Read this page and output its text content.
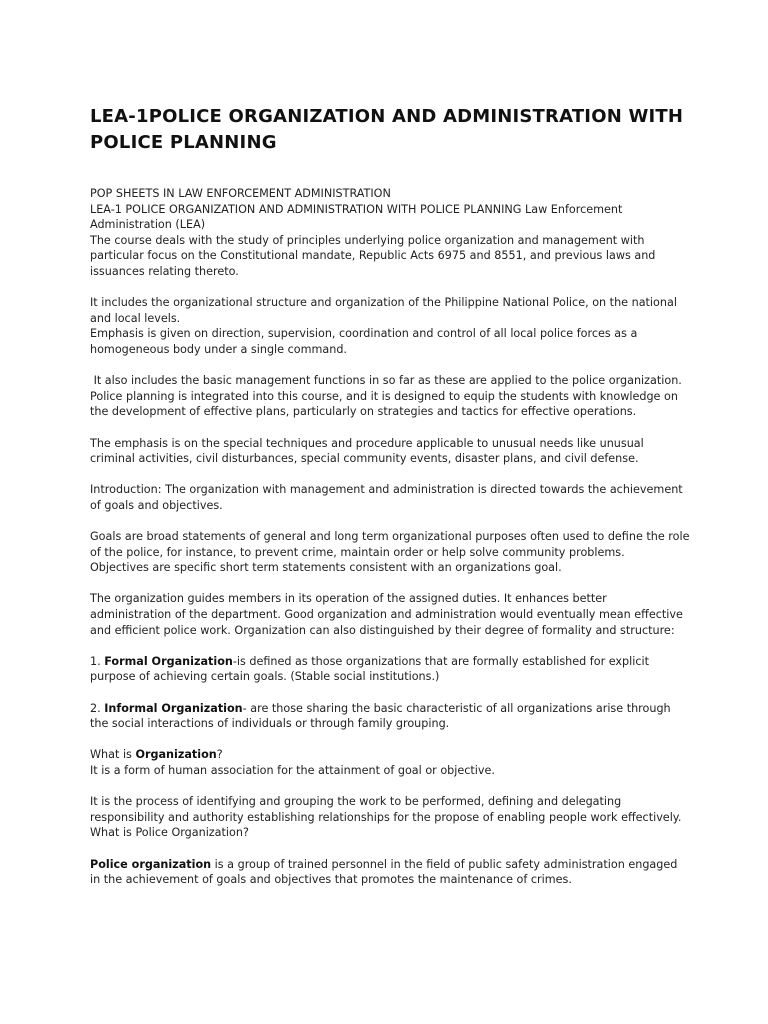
LEA-1POLICE ORGANIZATION AND ADMINISTRATION WITH POLICE PLANNING

POP SHEETS IN LAW ENFORCEMENT ADMINISTRATION
LEA-1 POLICE ORGANIZATION AND ADMINISTRATION WITH POLICE PLANNING Law Enforcement Administration (LEA)
The course deals with the study of principles underlying police organization and management with particular focus on the Constitutional mandate, Republic Acts 6975 and 8551, and previous laws and issuances relating thereto.

It includes the organizational structure and organization of the Philippine National Police, on the national and local levels.
Emphasis is given on direction, supervision, coordination and control of all local police forces as a homogeneous body under a single command.

It also includes the basic management functions in so far as these are applied to the police organization. Police planning is integrated into this course, and it is designed to equip the students with knowledge on the development of effective plans, particularly on strategies and tactics for effective operations.

The emphasis is on the special techniques and procedure applicable to unusual needs like unusual criminal activities, civil disturbances, special community events, disaster plans, and civil defense.

Introduction: The organization with management and administration is directed towards the achievement of goals and objectives.

Goals are broad statements of general and long term organizational purposes often used to define the role of the police, for instance, to prevent crime, maintain order or help solve community problems.
Objectives are specific short term statements consistent with an organizations goal.

The organization guides members in its operation of the assigned duties. It enhances better administration of the department. Good organization and administration would eventually mean effective and efficient police work. Organization can also distinguished by their degree of formality and structure:

1. Formal Organization-is defined as those organizations that are formally established for explicit purpose of achieving certain goals. (Stable social institutions.)

2. Informal Organization- are those sharing the basic characteristic of all organizations arise through the social interactions of individuals or through family grouping.

What is Organization?
It is a form of human association for the attainment of goal or objective.

It is the process of identifying and grouping the work to be performed, defining and delegating responsibility and authority establishing relationships for the propose of enabling people work effectively.
What is Police Organization?

Police organization is a group of trained personnel in the field of public safety administration engaged in the achievement of goals and objectives that promotes the maintenance of crimes.
